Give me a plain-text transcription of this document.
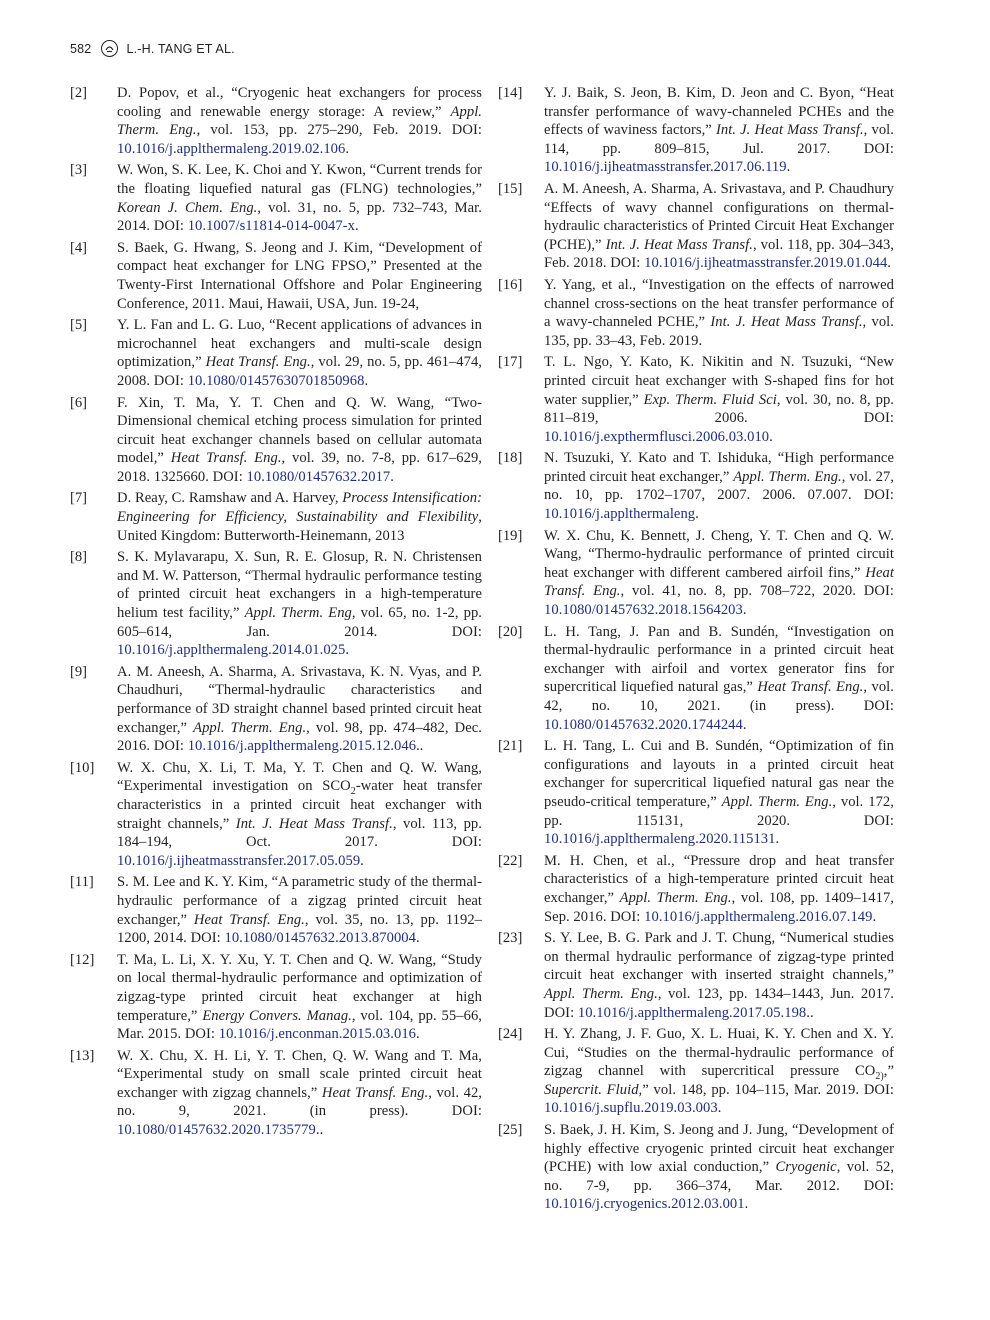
582	L.-H. TANG ET AL.
[2]	D. Popov, et al., “Cryogenic heat exchangers for process cooling and renewable energy storage: A review,” Appl. Therm. Eng., vol. 153, pp. 275–290, Feb. 2019. DOI: 10.1016/j.applthermaleng.2019.02.106.
[3]	W. Won, S. K. Lee, K. Choi and Y. Kwon, “Current trends for the floating liquefied natural gas (FLNG) technologies,” Korean J. Chem. Eng., vol. 31, no. 5, pp. 732–743, Mar. 2014. DOI: 10.1007/s11814-014-0047-x.
[4]	S. Baek, G. Hwang, S. Jeong and J. Kim, “Development of compact heat exchanger for LNG FPSO,” Presented at the Twenty-First International Offshore and Polar Engineering Conference, 2011. Maui, Hawaii, USA, Jun. 19-24,
[5]	Y. L. Fan and L. G. Luo, “Recent applications of advances in microchannel heat exchangers and multi-scale design optimization,” Heat Transf. Eng., vol. 29, no. 5, pp. 461–474, 2008. DOI: 10.1080/01457630701850968.
[6]	F. Xin, T. Ma, Y. T. Chen and Q. W. Wang, “Two-Dimensional chemical etching process simulation for printed circuit heat exchanger channels based on cellular automata model,” Heat Transf. Eng., vol. 39, no. 7-8, pp. 617–629, 2018. 1325660. DOI: 10.1080/01457632.2017.
[7]	D. Reay, C. Ramshaw and A. Harvey, Process Intensification: Engineering for Efficiency, Sustainability and Flexibility, United Kingdom: Butterworth-Heinemann, 2013
[8]	S. K. Mylavarapu, X. Sun, R. E. Glosup, R. N. Christensen and M. W. Patterson, “Thermal hydraulic performance testing of printed circuit heat exchangers in a high-temperature helium test facility,” Appl. Therm. Eng, vol. 65, no. 1-2, pp. 605–614, Jan. 2014. DOI: 10.1016/j.applthermaleng.2014.01.025.
[9]	A. M. Aneesh, A. Sharma, A. Srivastava, K. N. Vyas, and P. Chaudhuri, “Thermal-hydraulic characteristics and performance of 3D straight channel based printed circuit heat exchanger,” Appl. Therm. Eng., vol. 98, pp. 474–482, Dec. 2016. DOI: 10.1016/j.applthermaleng.2015.12.046..
[10]	W. X. Chu, X. Li, T. Ma, Y. T. Chen and Q. W. Wang, “Experimental investigation on $SCO_2$-water heat transfer characteristics in a printed circuit heat exchanger with straight channels,” Int. J. Heat Mass Transf., vol. 113, pp. 184–194, Oct. 2017. DOI: 10.1016/j.ijheatmasstransfer.2017.05.059.
[11]	S. M. Lee and K. Y. Kim, “A parametric study of the thermal-hydraulic performance of a zigzag printed circuit heat exchanger,” Heat Transf. Eng., vol. 35, no. 13, pp. 1192–1200, 2014. DOI: 10.1080/01457632.2013.870004.
[12]	T. Ma, L. Li, X. Y. Xu, Y. T. Chen and Q. W. Wang, “Study on local thermal-hydraulic performance and optimization of zigzag-type printed circuit heat exchanger at high temperature,” Energy Convers. Manag., vol. 104, pp. 55–66, Mar. 2015. DOI: 10.1016/j.enconman.2015.03.016.
[13]	W. X. Chu, X. H. Li, Y. T. Chen, Q. W. Wang and T. Ma, “Experimental study on small scale printed circuit heat exchanger with zigzag channels,” Heat Transf. Eng., vol. 42, no. 9, 2021. (in press). DOI: 10.1080/01457632.2020.1735779..
[14]	Y. J. Baik, S. Jeon, B. Kim, D. Jeon and C. Byon, “Heat transfer performance of wavy-channeled PCHEs and the effects of waviness factors,” Int. J. Heat Mass Transf., vol. 114, pp. 809–815, Jul. 2017. DOI: 10.1016/j.ijheatmasstransfer.2017.06.119.
[15]	A. M. Aneesh, A. Sharma, A. Srivastava, and P. Chaudhury “Effects of wavy channel configurations on thermal-hydraulic characteristics of Printed Circuit Heat Exchanger (PCHE),” Int. J. Heat Mass Transf., vol. 118, pp. 304–343, Feb. 2018. DOI: 10.1016/j.ijheatmasstransfer.2019.01.044.
[16]	Y. Yang, et al., “Investigation on the effects of narrowed channel cross-sections on the heat transfer performance of a wavy-channeled PCHE,” Int. J. Heat Mass Transf., vol. 135, pp. 33–43, Feb. 2019.
[17]	T. L. Ngo, Y. Kato, K. Nikitin and N. Tsuzuki, “New printed circuit heat exchanger with S-shaped fins for hot water supplier,” Exp. Therm. Fluid Sci, vol. 30, no. 8, pp. 811–819, 2006. DOI: 10.1016/j.expthermflusci.2006.03.010.
[18]	N. Tsuzuki, Y. Kato and T. Ishiduka, “High performance printed circuit heat exchanger,” Appl. Therm. Eng., vol. 27, no. 10, pp. 1702–1707, 2007. 2006. 07.007. DOI: 10.1016/j.applthermaleng.
[19]	W. X. Chu, K. Bennett, J. Cheng, Y. T. Chen and Q. W. Wang, “Thermo-hydraulic performance of printed circuit heat exchanger with different cambered airfoil fins,” Heat Transf. Eng., vol. 41, no. 8, pp. 708–722, 2020. DOI: 10.1080/01457632.2018.1564203.
[20]	L. H. Tang, J. Pan and B. Sundén, “Investigation on thermal-hydraulic performance in a printed circuit heat exchanger with airfoil and vortex generator fins for supercritical liquefied natural gas,” Heat Transf. Eng., vol. 42, no. 10, 2021. (in press). DOI: 10.1080/01457632.2020.1744244.
[21]	L. H. Tang, L. Cui and B. Sundén, “Optimization of fin configurations and layouts in a printed circuit heat exchanger for supercritical liquefied natural gas near the pseudo-critical temperature,” Appl. Therm. Eng., vol. 172, pp. 115131, 2020. DOI: 10.1016/j.applthermaleng.2020.115131.
[22]	M. H. Chen, et al., “Pressure drop and heat transfer characteristics of a high-temperature printed circuit heat exchanger,” Appl. Therm. Eng., vol. 108, pp. 1409–1417, Sep. 2016. DOI: 10.1016/j.applthermaleng.2016.07.149.
[23]	S. Y. Lee, B. G. Park and J. T. Chung, “Numerical studies on thermal hydraulic performance of zigzag-type printed circuit heat exchanger with inserted straight channels,” Appl. Therm. Eng., vol. 123, pp. 1434–1443, Jun. 2017. DOI: 10.1016/j.applthermaleng.2017.05.198..
[24]	H. Y. Zhang, J. F. Guo, X. L. Huai, K. Y. Chen and X. Y. Cui, “Studies on the thermal-hydraulic performance of zigzag channel with supercritical pressure $CO_{2)}$,” Supercrit. Fluid,” vol. 148, pp. 104–115, Mar. 2019. DOI: 10.1016/j.supflu.2019.03.003.
[25]	S. Baek, J. H. Kim, S. Jeong and J. Jung, “Development of highly effective cryogenic printed circuit heat exchanger (PCHE) with low axial conduction,” Cryogenic, vol. 52, no. 7-9, pp. 366–374, Mar. 2012. DOI: 10.1016/j.cryogenics.2012.03.001.
